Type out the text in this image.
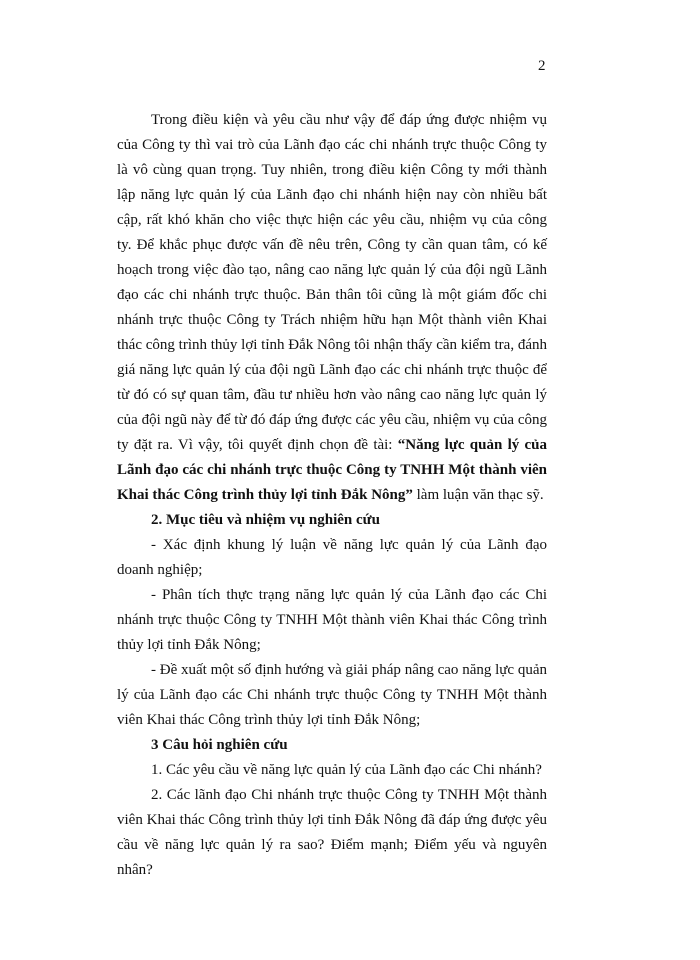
2

Trong điều kiện và yêu cầu như vậy để đáp ứng được nhiệm vụ của Công ty thì vai trò của Lãnh đạo các chi nhánh trực thuộc Công ty là vô cùng quan trọng. Tuy nhiên, trong điều kiện Công ty mới thành lập năng lực quản lý của Lãnh đạo chi nhánh hiện nay còn nhiều bất cập, rất khó khăn cho việc thực hiện các yêu cầu, nhiệm vụ của công ty. Để khắc phục được vấn đề nêu trên, Công ty cần quan tâm, có kế hoạch trong việc đào tạo, nâng cao năng lực quản lý của đội ngũ Lãnh đạo các chi nhánh trực thuộc. Bản thân tôi cũng là một giám đốc chi nhánh trực thuộc Công ty Trách nhiệm hữu hạn Một thành viên Khai thác công trình thủy lợi tỉnh Đắk Nông tôi nhận thấy cần kiểm tra, đánh giá năng lực quản lý của đội ngũ Lãnh đạo các chi nhánh trực thuộc để từ đó có sự quan tâm, đầu tư nhiều hơn vào nâng cao năng lực quản lý của đội ngũ này để từ đó đáp ứng được các yêu cầu, nhiệm vụ của công ty đặt ra. Vì vậy, tôi quyết định chọn đề tài: “Năng lực quản lý của Lãnh đạo các chi nhánh trực thuộc Công ty TNHH Một thành viên Khai thác Công trình thủy lợi tỉnh Đắk Nông” làm luận văn thạc sỹ.

2. Mục tiêu và nhiệm vụ nghiên cứu

- Xác định khung lý luận về năng lực quản lý của Lãnh đạo doanh nghiệp;

- Phân tích thực trạng năng lực quản lý của Lãnh đạo các Chi nhánh trực thuộc Công ty TNHH Một thành viên Khai thác Công trình thủy lợi tỉnh Đắk Nông;

- Đề xuất một số định hướng và giải pháp nâng cao năng lực quản lý của Lãnh đạo các Chi nhánh trực thuộc Công ty TNHH Một thành viên Khai thác Công trình thủy lợi tỉnh Đắk Nông;

3 Câu hỏi nghiên cứu

1. Các yêu cầu về năng lực quản lý của Lãnh đạo các Chi nhánh?

2. Các lãnh đạo Chi nhánh trực thuộc Công ty TNHH Một thành viên Khai thác Công trình thủy lợi tỉnh Đắk Nông đã đáp ứng được yêu cầu về năng lực quản lý ra sao? Điểm mạnh; Điểm yếu và nguyên nhân?
